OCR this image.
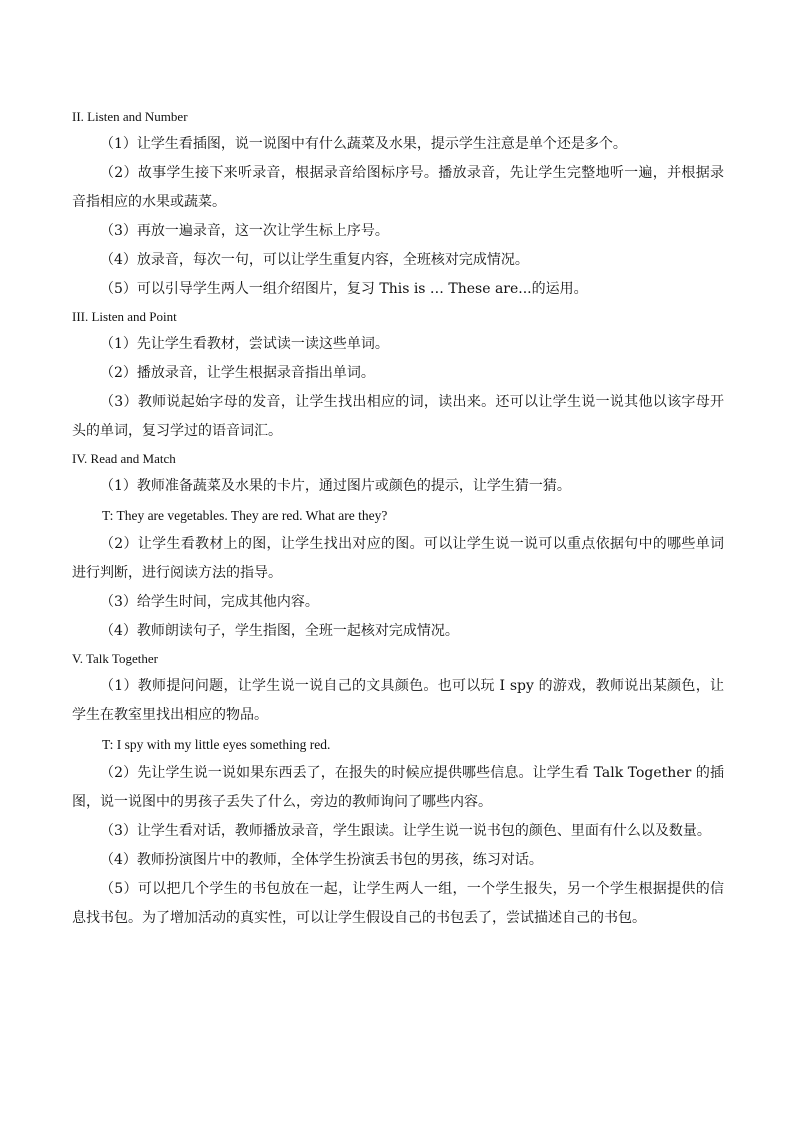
II. Listen and Number
（1）让学生看插图，说一说图中有什么蔬菜及水果，提示学生注意是单个还是多个。
（2）故事学生接下来听录音，根据录音给图标序号。播放录音，先让学生完整地听一遍，并根据录音指相应的水果或蔬菜。
（3）再放一遍录音，这一次让学生标上序号。
（4）放录音，每次一句，可以让学生重复内容，全班核对完成情况。
（5）可以引导学生两人一组介绍图片，复习 This is … These are...的运用。
III. Listen and Point
（1）先让学生看教材，尝试读一读这些单词。
（2）播放录音，让学生根据录音指出单词。
（3）教师说起始字母的发音，让学生找出相应的词，读出来。还可以让学生说一说其他以该字母开头的单词，复习学过的语音词汇。
IV. Read and Match
（1）教师准备蔬菜及水果的卡片，通过图片或颜色的提示，让学生猜一猜。
T: They are vegetables. They are red. What are they?
（2）让学生看教材上的图，让学生找出对应的图。可以让学生说一说可以重点依据句中的哪些单词进行判断，进行阅读方法的指导。
（3）给学生时间，完成其他内容。
（4）教师朗读句子，学生指图，全班一起核对完成情况。
V. Talk Together
（1）教师提问问题，让学生说一说自己的文具颜色。也可以玩 I spy 的游戏，教师说出某颜色，让学生在教室里找出相应的物品。
T: I spy with my little eyes something red.
（2）先让学生说一说如果东西丢了，在报失的时候应提供哪些信息。让学生看 Talk Together 的插图，说一说图中的男孩子丢失了什么，旁边的教师询问了哪些内容。
（3）让学生看对话，教师播放录音，学生跟读。让学生说一说书包的颜色、里面有什么以及数量。
（4）教师扮演图片中的教师，全体学生扮演丢书包的男孩，练习对话。
（5）可以把几个学生的书包放在一起，让学生两人一组，一个学生报失，另一个学生根据提供的信息找书包。为了增加活动的真实性，可以让学生假设自己的书包丢了，尝试描述自己的书包。
